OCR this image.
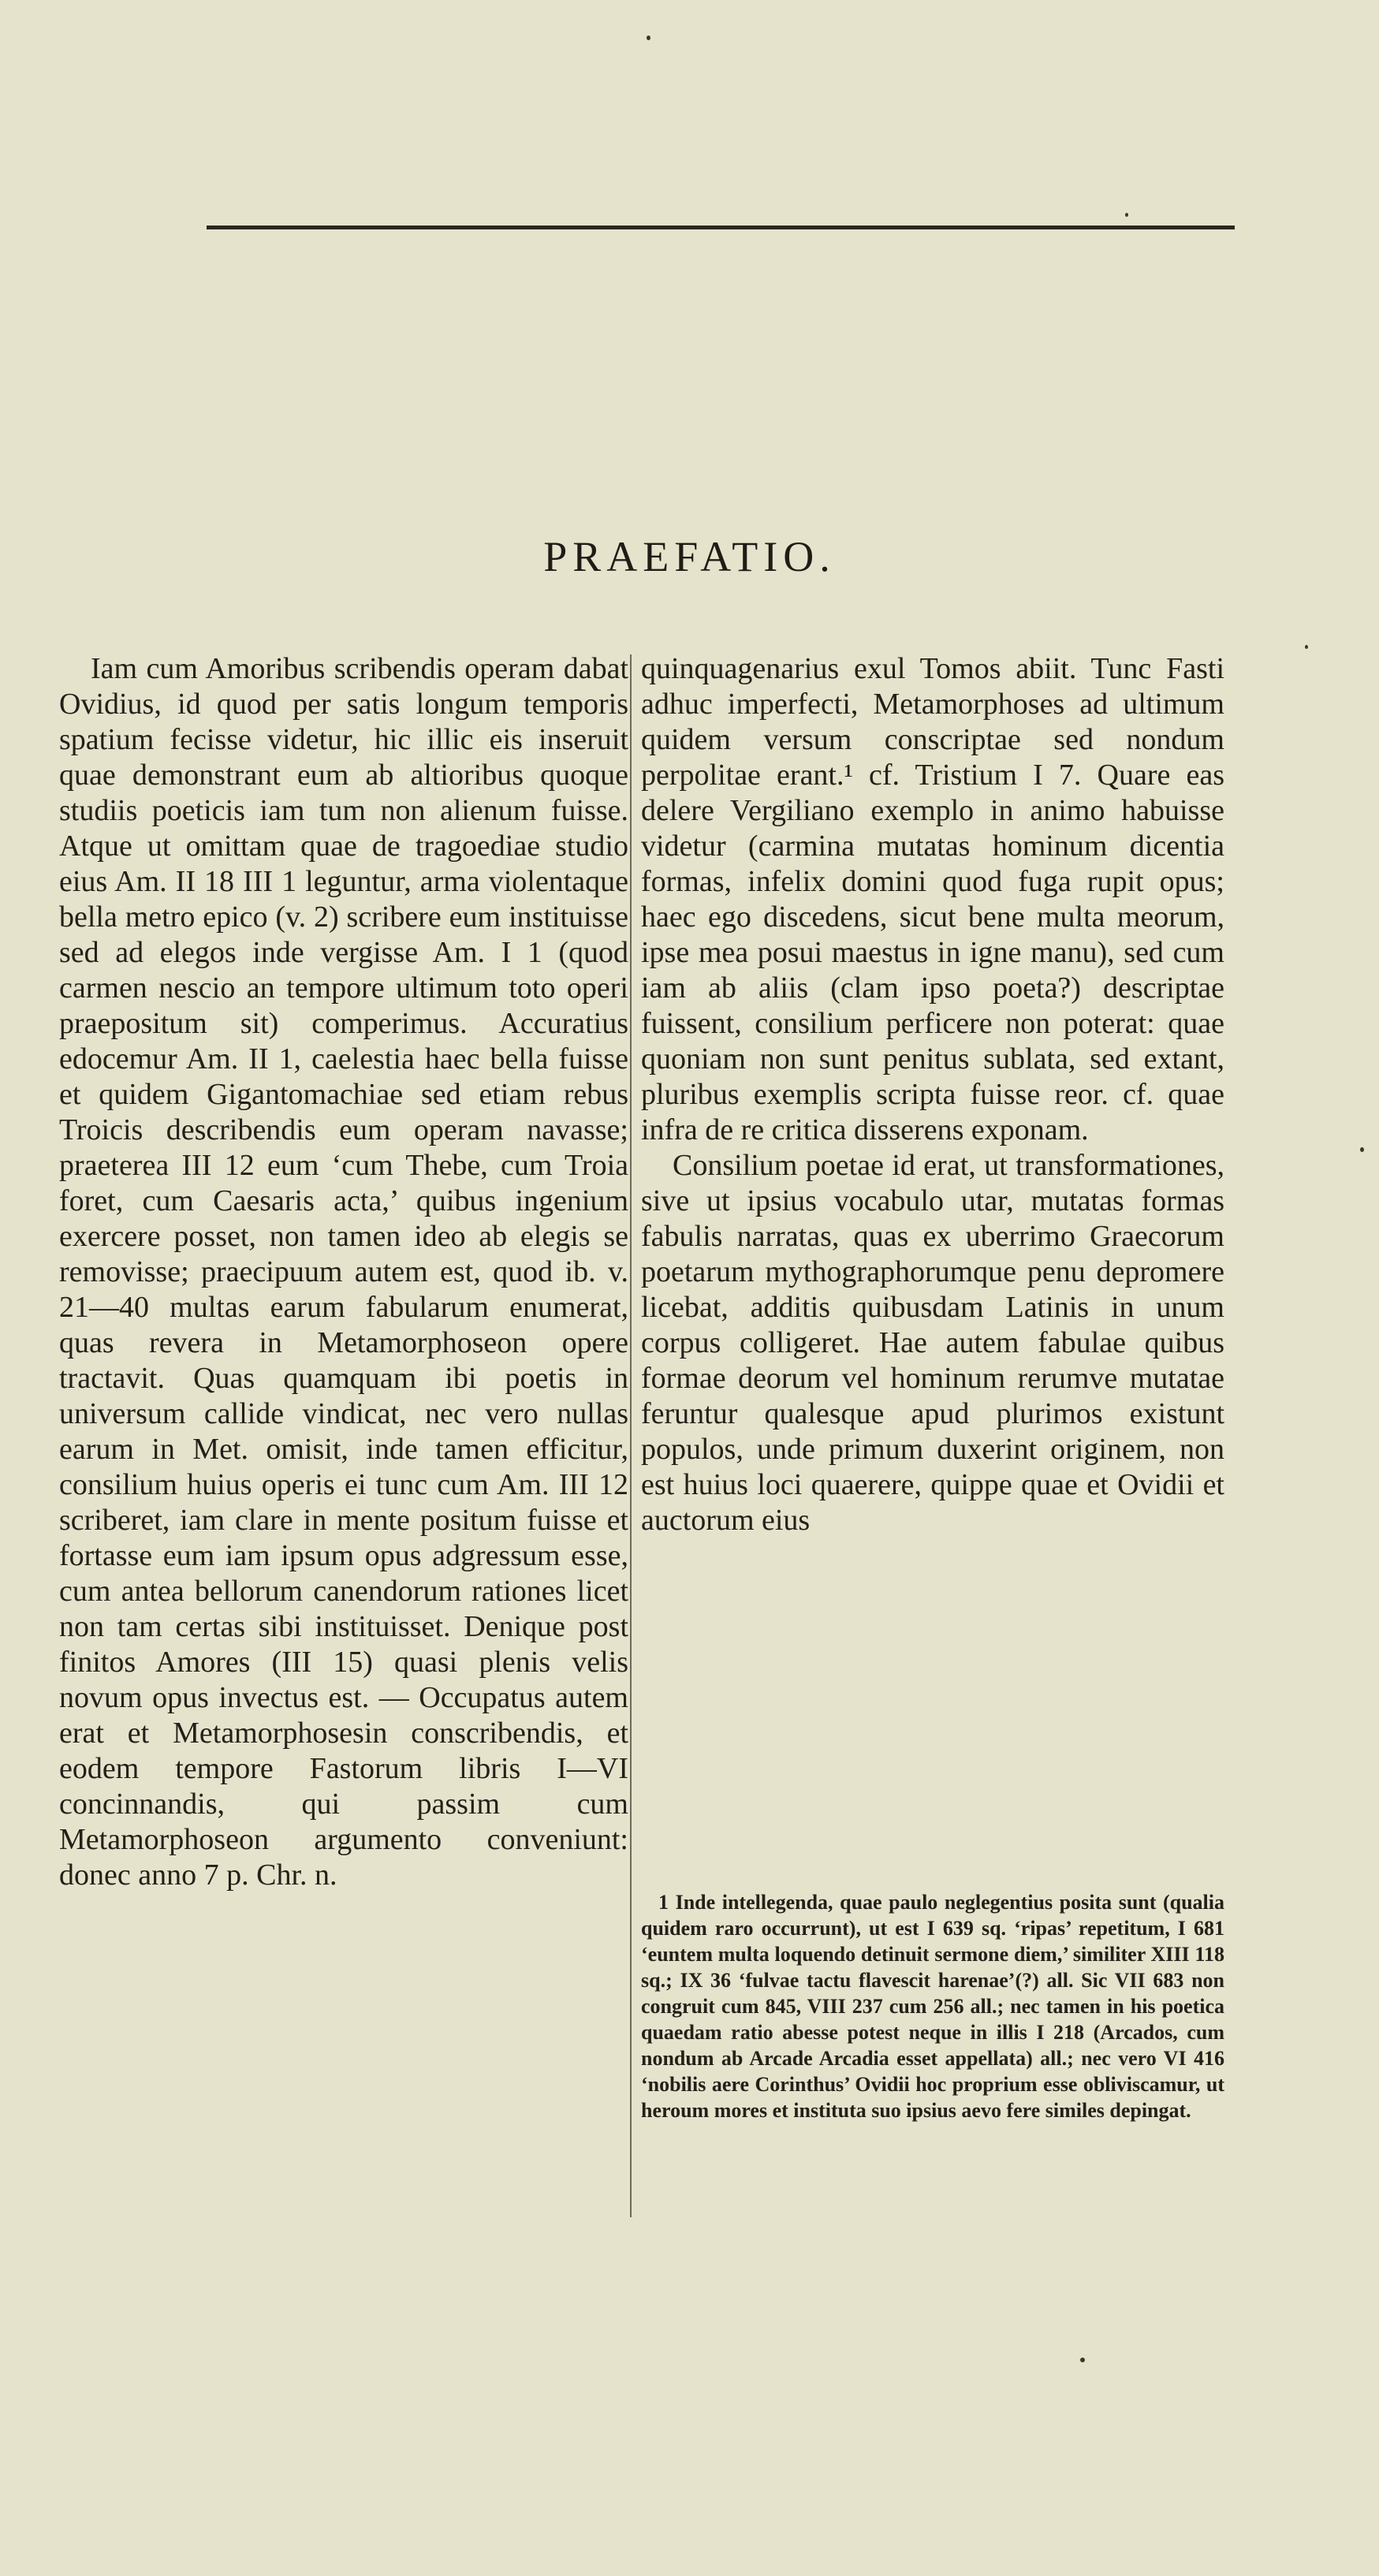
PRAEFATIO.

Iam cum Amoribus scribendis operam dabat Ovidius, id quod per satis longum temporis spatium fecisse videtur, hic illic eis inseruit quae demonstrant eum ab altioribus quoque studiis poeticis iam tum non alienum fuisse. Atque ut omittam quae de tragoediae studio eius Am. II 18 III 1 leguntur, arma violentaque bella metro epico (v. 2) scribere eum instituisse sed ad elegos inde vergisse Am. I 1 (quod carmen nescio an tempore ultimum toto operi praepositum sit) comperimus. Accuratius edocemur Am. II 1, caelestia haec bella fuisse et quidem Gigantomachiae sed etiam rebus Troicis describendis eum operam navasse; praeterea III 12 eum ‘cum Thebe, cum Troia foret, cum Caesaris acta,’ quibus ingenium exercere posset, non tamen ideo ab elegis se removisse; praecipuum autem est, quod ib. v. 21—40 multas earum fabularum enumerat, quas revera in Metamorphoseon opere tractavit. Quas quamquam ibi poetis in universum callide vindicat, nec vero nullas earum in Met. omisit, inde tamen efficitur, consilium huius operis ei tunc cum Am. III 12 scriberet, iam clare in mente positum fuisse et fortasse eum iam ipsum opus adgressum esse, cum antea bellorum canendorum rationes licet non tam certas sibi instituisset. Denique post finitos Amores (III 15) quasi plenis velis novum opus invectus est. — Occupatus autem erat et Metamorphosesin conscribendis, et eodem tempore Fastorum libris I—VI concinnandis, qui passim cum Metamorphoseon argumento conveniunt: donec anno 7 p. Chr. n.

quinquagenarius exul Tomos abiit. Tunc Fasti adhuc imperfecti, Metamorphoses ad ultimum quidem versum conscriptae sed nondum perpolitae erant.¹ cf. Tristium I 7. Quare eas delere Vergiliano exemplo in animo habuisse videtur (carmina mutatas hominum dicentia formas, infelix domini quod fuga rupit opus; haec ego discedens, sicut bene multa meorum, ipse mea posui maestus in igne manu), sed cum iam ab aliis (clam ipso poeta?) descriptae fuissent, consilium perficere non poterat: quae quoniam non sunt penitus sublata, sed extant, pluribus exemplis scripta fuisse reor. cf. quae infra de re critica disserens exponam.

Consilium poetae id erat, ut transformationes, sive ut ipsius vocabulo utar, mutatas formas fabulis narratas, quas ex uberrimo Graecorum poetarum mythographorumque penu depromere licebat, additis quibusdam Latinis in unum corpus colligeret. Hae autem fabulae quibus formae deorum vel hominum rerumve mutatae feruntur qualesque apud plurimos existunt populos, unde primum duxerint originem, non est huius loci quaerere, quippe quae et Ovidii et auctorum eius

1 Inde intellegenda, quae paulo neglegentius posita sunt (qualia quidem raro occurrunt), ut est I 639 sq. ‘ripas’ repetitum, I 681 ‘euntem multa loquendo detinuit sermone diem,’ similiter XIII 118 sq.; IX 36 ‘fulvae tactu flavescit harenae’(?) all. Sic VII 683 non congruit cum 845, VIII 237 cum 256 all.; nec tamen in his poetica quaedam ratio abesse potest neque in illis I 218 (Arcados, cum nondum ab Arcade Arcadia esset appellata) all.; nec vero VI 416 ‘nobilis aere Corinthus’ Ovidii hoc proprium esse obliviscamur, ut heroum mores et instituta suo ipsius aevo fere similes depingat.
